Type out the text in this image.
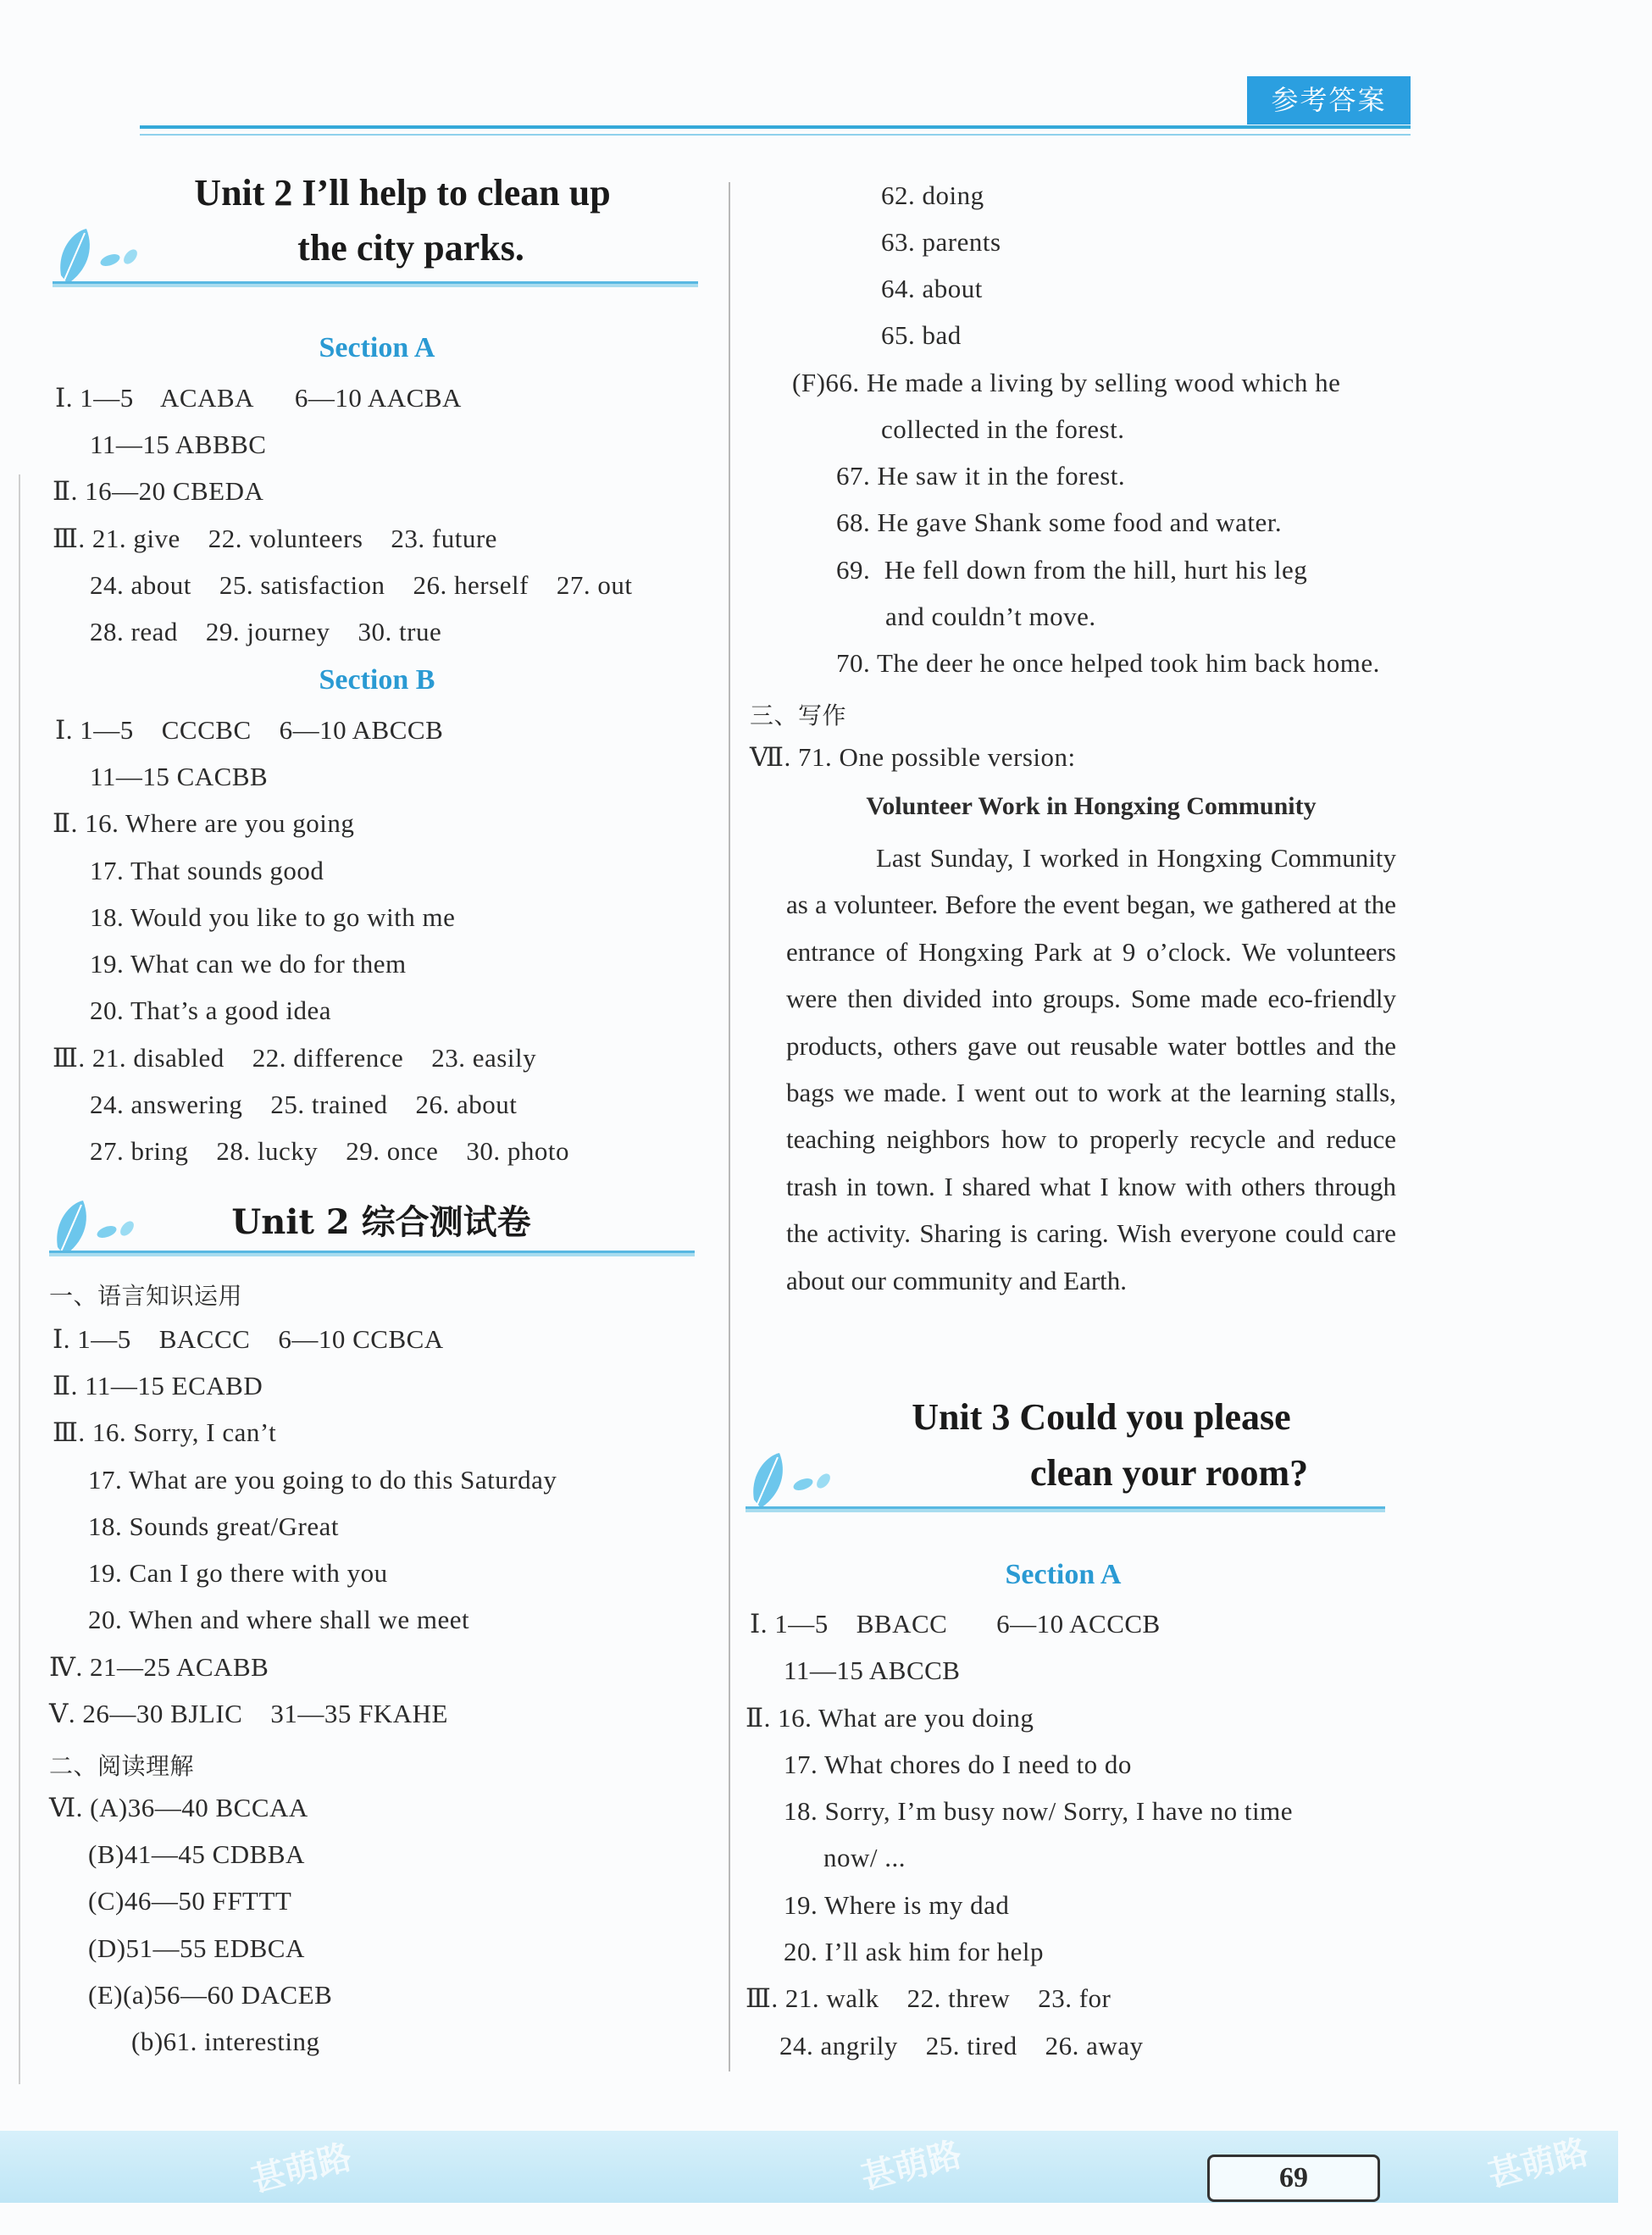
参考答案
Unit 2 I’ll help to clean up
the city parks.
Section A
Ⅰ. 1—5    ACABA      6—10 AACBA
11—15 ABBBC
Ⅱ. 16—20 CBEDA
Ⅲ. 21. give    22. volunteers    23. future
24. about    25. satisfaction    26. herself    27. out
28. read    29. journey    30. true
Section B
Ⅰ. 1—5    CCCBC    6—10 ABCCB
11—15 CACBB
Ⅱ. 16. Where are you going
17. That sounds good
18. Would you like to go with me
19. What can we do for them
20. That’s a good idea
Ⅲ. 21. disabled    22. difference    23. easily
24. answering    25. trained    26. about
27. bring    28. lucky    29. once    30. photo
Unit 2 综合测试卷
一、语言知识运用
Ⅰ. 1—5    BACCC    6—10 CCBCA
Ⅱ. 11—15 ECABD
Ⅲ. 16. Sorry, I can’t
17. What are you going to do this Saturday
18. Sounds great/Great
19. Can I go there with you
20. When and where shall we meet
Ⅳ. 21—25 ACABB
Ⅴ. 26—30 BJLIC    31—35 FKAHE
二、阅读理解
Ⅵ. (A)36—40 BCCAA
(B)41—45 CDBBA
(C)46—50 FFTTT
(D)51—55 EDBCA
(E)(a)56—60 DACEB
(b)61. interesting
62. doing
63. parents
64. about
65. bad
(F)66. He made a living by selling wood which he
collected in the forest.
67. He saw it in the forest.
68. He gave Shank some food and water.
69.  He fell down from the hill, hurt his leg
and couldn’t move.
70. The deer he once helped took him back home.
三、写作
Ⅶ. 71. One possible version:
Volunteer Work in Hongxing Community
Last Sunday, I worked in Hongxing Community as a volunteer. Before the event began, we gathered at the entrance of Hongxing Park at 9 o’clock. We volunteers were then divided into groups. Some made eco-friendly products, others gave out reusable water bottles and the bags we made. I went out to work at the learning stalls, teaching neighbors how to properly recycle and reduce trash in town. I shared what I know with others through the activity. Sharing is caring. Wish everyone could care about our community and Earth.
Unit 3 Could you please
clean your room?
Section A
Ⅰ. 1—5    BBACC       6—10 ACCCB
11—15 ABCCB
Ⅱ. 16. What are you doing
17. What chores do I need to do
18. Sorry, I’m busy now/ Sorry, I have no time
now/ ...
19. Where is my dad
20. I’ll ask him for help
Ⅲ. 21. walk    22. threw    23. for
24. angrily    25. tired    26. away
甚萌路	甚萌路	甚萌路
69
